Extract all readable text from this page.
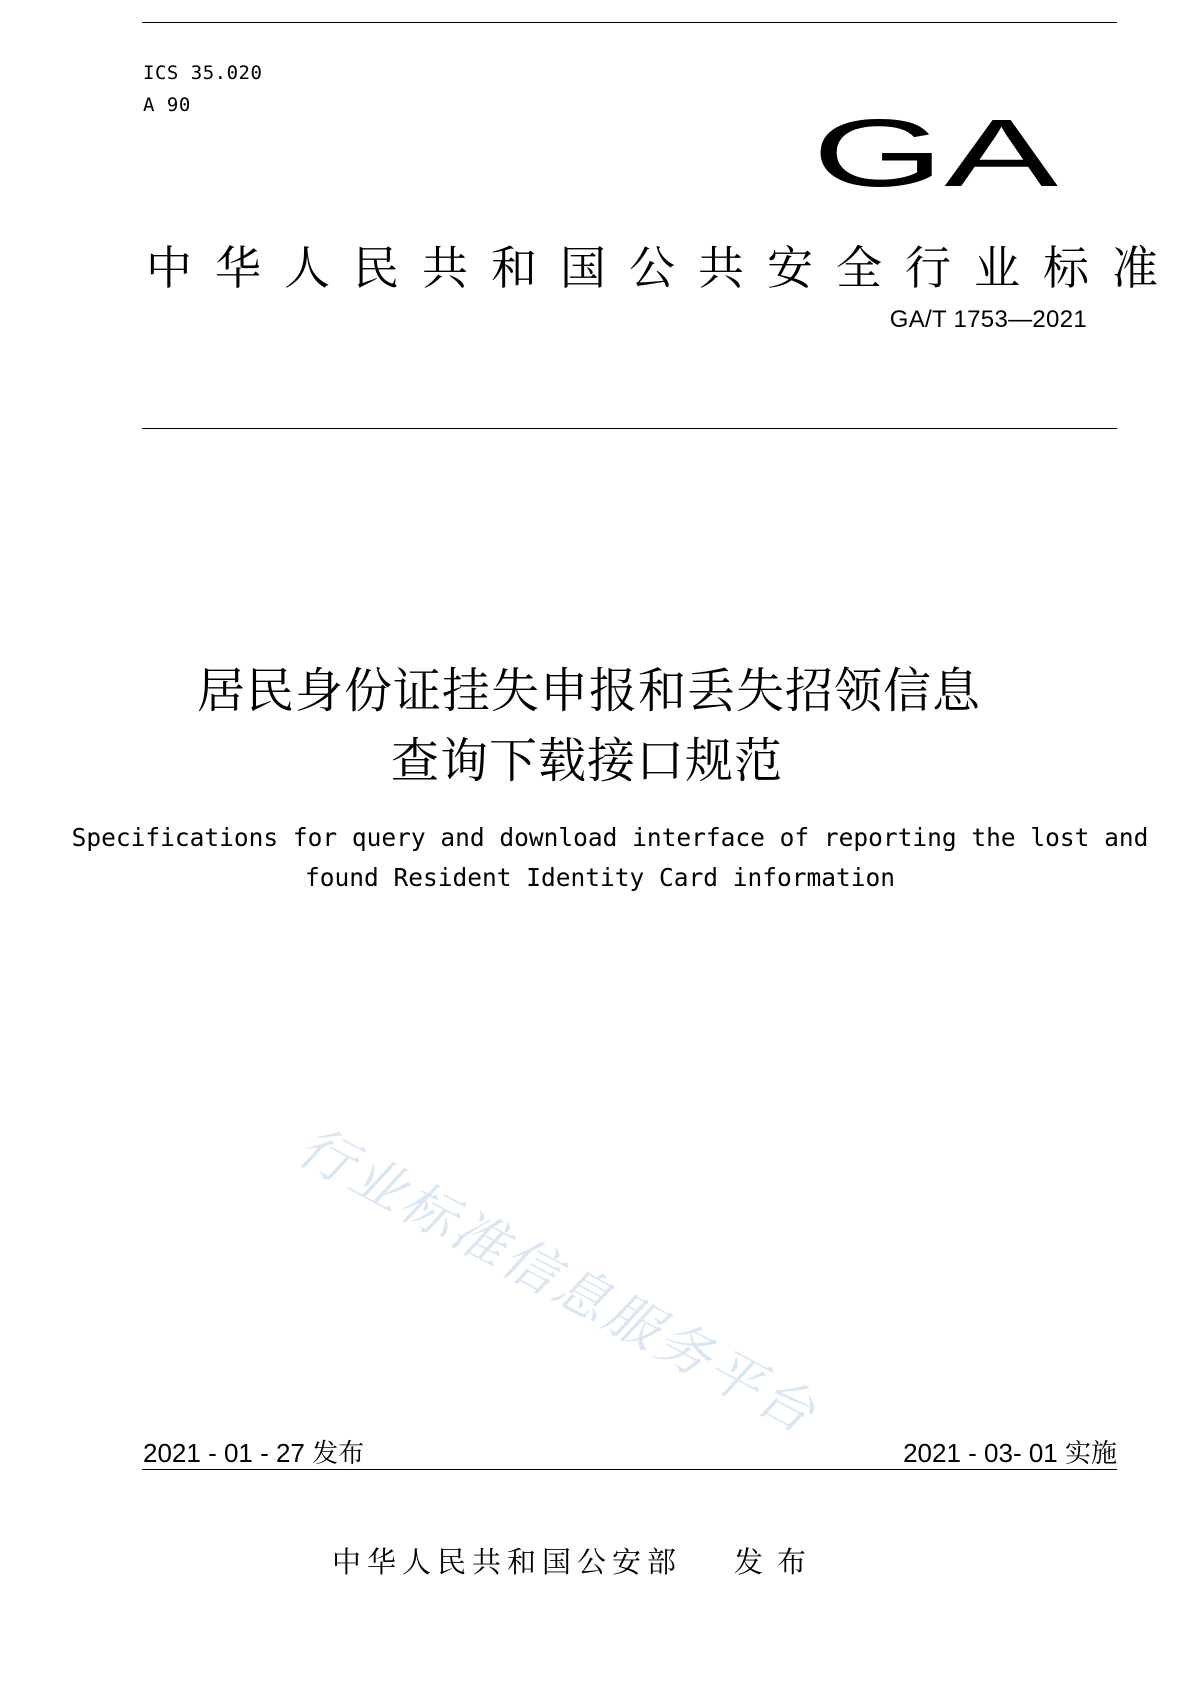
ICS 35.020
A 90	GA
中华人民共和国公共安全行业标准
GA/T 1753—2021
居民身份证挂失申报和丢失招领信息
查询下载接口规范
Specifications for query and download interface of reporting the lost and
found Resident Identity Card information
行业标准信息服务平台
2021 - 01 - 27 发布	2021 - 03- 01 实施
中华人民共和国公安部 发布
